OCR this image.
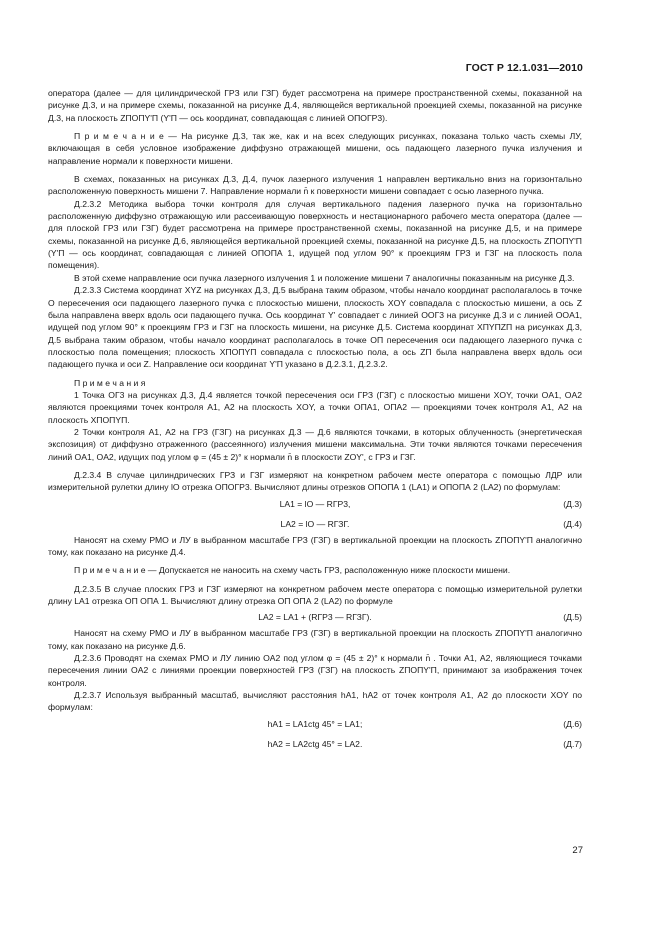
ГОСТ Р 12.1.031—2010

оператора (далее — для цилиндрической ГРЗ или ГЗГ) будет рассмотрена на примере пространственной схемы, показанной на рисунке Д.3, и на примере схемы, показанной на рисунке Д.4, являющейся вертикальной проекцией схемы, показанной на рисунке Д.3, на плоскость ZПOПY'П (Y'П — ось координат, совпадающая с линией OПOГР3).

П р и м е ч а н и е — На рисунке Д.3, так же, как и на всех следующих рисунках, показана только часть схемы ЛУ, включающая в себя условное изображение диффузно отражающей мишени, ось падающего лазерного пучка излучения и направление нормали к поверхности мишени.

В схемах, показанных на рисунках Д.3, Д.4, пучок лазерного излучения 1 направлен вертикально вниз на горизонтально расположенную поверхность мишени 7. Направление нормали n̄ к поверхности мишени совпадает с осью лазерного пучка.

Д.2.3.2 Методика выбора точки контроля для случая вертикального падения лазерного пучка на горизонтально расположенную диффузно отражающую или рассеивающую поверхность и нестационарного рабочего места оператора (далее — для плоской ГРЗ или ГЗГ) будет рассмотрена на примере пространственной схемы, показанной на рисунке Д.5, и на примере схемы, показанной на рисунке Д.6, являющейся вертикальной проекцией схемы, показанной на рисунке Д.5, на плоскость ZПOПY'П (Y'П — ось координат, совпадающая с линией OПOПА 1, идущей под углом 90° к проекциям ГРЗ и ГЗГ на плоскость пола помещения).

В этой схеме направление оси пучка лазерного излучения 1 и положение мишени 7 аналогичны показанным на рисунке Д.3.

Д.2.3.3 Система координат XYZ на рисунках Д.3, Д.5 выбрана таким образом, чтобы начало координат располагалось в точке O пересечения оси падающего лазерного пучка с плоскостью мишени, плоскость XOY совпадала с плоскостью мишени, а ось Z была направлена вверх вдоль оси падающего пучка. Ось координат Y' совпадает с линией OOГ3 на рисунке Д.3 и с линией OOА1, идущей под углом 90° к проекциям ГРЗ и ГЗГ на плоскость мишени, на рисунке Д.5. Система координат XПYПZП на рисунках Д.3, Д.5 выбрана таким образом, чтобы начало координат располагалось в точке OП пересечения оси падающего лазерного пучка с плоскостью пола помещения; плоскость XПOПYП совпадала с плоскостью пола, а ось ZП была направлена вверх вдоль оси падающего пучка и оси Z. Направление оси координат Y'П указано в Д.2.3.1, Д.2.3.2.

П р и м е ч а н и я

1 Точка OГ3 на рисунках Д.3, Д.4 является точкой пересечения оси ГРЗ (ГЗГ) с плоскостью мишени XOY, точки OА1, OА2 являются проекциями точек контроля А1, А2 на плоскость XOY, а точки OПА1, OПА2 — проекциями точек контроля А1, А2 на плоскость XПOПYП.

2 Точки контроля А1, А2 на ГРЗ (ГЗГ) на рисунках Д.3 — Д.6 являются точками, в которых облученность (энергетическая экспозиция) от диффузно отраженного (рассеянного) излучения мишени максимальна. Эти точки являются точками пересечения линий OA1, OA2, идущих под углом φ = (45 ± 2)° к нормали n̄ в плоскости ZOY', с ГРЗ и ГЗГ.

Д.2.3.4 В случае цилиндрических ГРЗ и ГЗГ измеряют на конкретном рабочем месте оператора с помощью ЛДР или измерительной рулетки длину lO отрезка OПOГР3. Вычисляют длины отрезков OПOПА 1 (LА1) и OПOПА 2 (LА2) по формулам:

LА1 = lO — RГР3,	(Д.3)
LА2 = lO — RГЗГ.	(Д.4)

Наносят на схему РМО и ЛУ в выбранном масштабе ГРЗ (ГЗГ) в вертикальной проекции на плоскость ZПOПY'П аналогично тому, как показано на рисунке Д.4.

П р и м е ч а н и е — Допускается не наносить на схему часть ГРЗ, расположенную ниже плоскости мишени.

Д.2.3.5 В случае плоских ГРЗ и ГЗГ измеряют на конкретном рабочем месте оператора с помощью измерительной рулетки длину LА1 отрезка OП OПА 1. Вычисляют длину отрезка OП OПА 2 (LА2) по формуле

LА2 = LА1 + (RГР3 — RГЗГ).	(Д.5)

Наносят на схему РМО и ЛУ в выбранном масштабе ГРЗ (ГЗГ) в вертикальной проекции на плоскость ZПOПY'П аналогично тому, как показано на рисунке Д.6.

Д.2.3.6 Проводят на схемах РМО и ЛУ линию OA2 под углом φ = (45 ± 2)° к нормали n̄ . Точки А1, А2, являющиеся точками пересечения линии OA2 с линиями проекции поверхностей ГРЗ (ГЗГ) на плоскость ZПOПY'П, принимают за изображения точек контроля.

Д.2.3.7 Используя выбранный масштаб, вычисляют расстояния hА1, hА2 от точек контроля А1, А2 до плоскости XOY по формулам:

hА1 = LА1ctg 45° = LА1;	(Д.6)
hА2 = LА2ctg 45° = LА2.	(Д.7)
27
